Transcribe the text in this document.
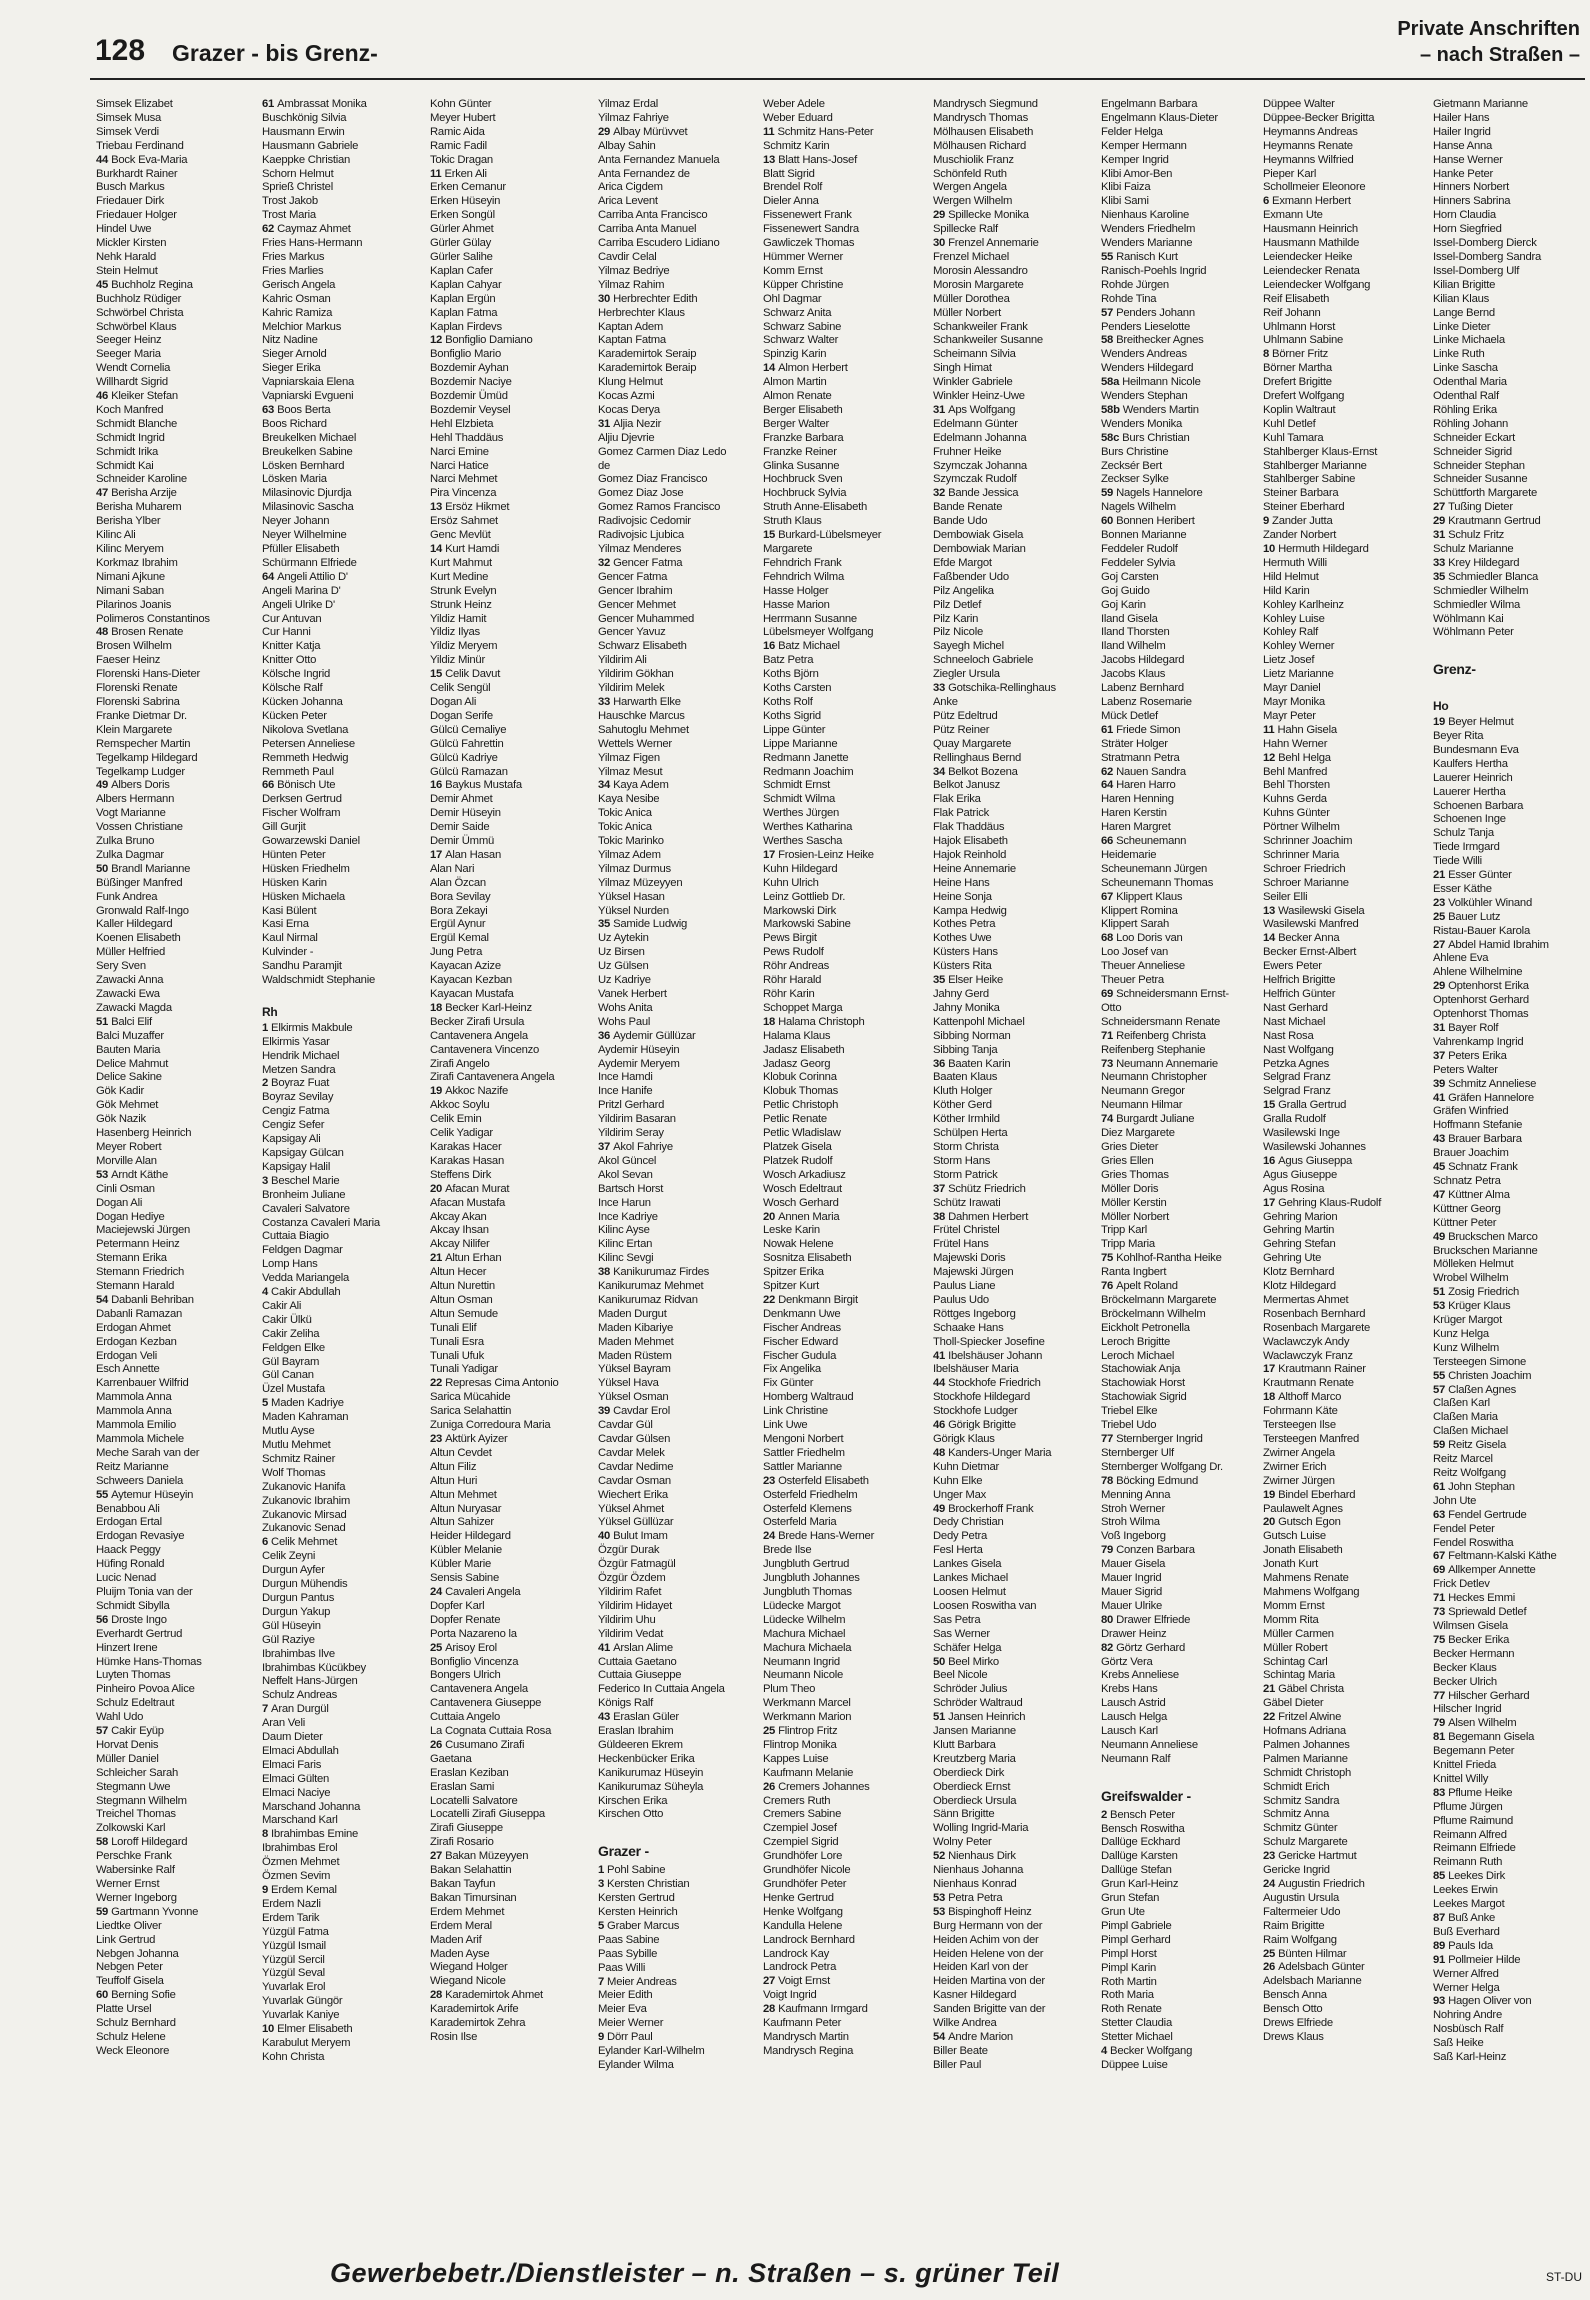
128 Grazer - bis Grenz-
Private Anschriften
– nach Straßen –
Simsek Elizabet
Simsek Musa
Simsek Verdi
Triebau Ferdinand
44 Bock Eva-Maria
Burkhardt Rainer
Busch Markus
Friedauer Dirk
Friedauer Holger
Hindel Uwe
Mickler Kirsten
Nehk Harald
Stein Helmut
45 Buchholz Regina
Buchholz Rüdiger
Schwörbel Christa
Schwörbel Klaus
Seeger Heinz
Seeger Maria
Wendt Cornelia
Willhardt Sigrid
46 Kleiker Stefan
Koch Manfred
Schmidt Blanche
Schmidt Ingrid
Schmidt Irika
Schmidt Kai
Schneider Karoline
47 Berisha Arzije
Berisha Muharem
Berisha Ylber
Kilinc Ali
Kilinc Meryem
Korkmaz Ibrahim
Nimani Ajkune
Nimani Saban
Pilarinos Joanis
Polimeros Constantinos
48 Brosen Renate
Brosen Wilhelm
Faeser Heinz
Florenski Hans-Dieter
Florenski Renate
Florenski Sabrina
Franke Dietmar Dr.
Klein Margarete
Remspecher Martin
Tegelkamp Hildegard
Tegelkamp Ludger
49 Albers Doris
Albers Hermann
Vogt Marianne
Vossen Christiane
Zulka Bruno
Zulka Dagmar
50 Brandl Marianne
Büßinger Manfred
Funk Andrea
Gronwald Ralf-Ingo
Kaller Hildegard
Koenen Elisabeth
Müller Helfried
Sery Sven
Zawacki Anna
Zawacki Ewa
Zawacki Magda
51 Balci Elif
Balci Muzaffer
Bauten Maria
Delice Mahmut
Delice Sakine
Gök Kadir
Gök Mehmet
Gök Nazik
Hasenberg Heinrich
Meyer Robert
Morville Alan
53 Arndt Käthe
Cinli Osman
Dogan Ali
Dogan Hediye
Maciejewski Jürgen
Petermann Heinz
Stemann Erika
Stemann Friedrich
Stemann Harald
54 Dabanli Behriban
Dabanli Ramazan
Erdogan Ahmet
Erdogan Kezban
Erdogan Veli
Esch Annette
Karrenbauer Wilfrid
Mammola Anna
Mammola Anna
Mammola Emilio
Mammola Michele
Meche Sarah van der
Reitz Marianne
Schweers Daniela
55 Aytemur Hüseyin
Benabbou Ali
Erdogan Ertal
Erdogan Revasiye
Haack Peggy
Hüfing Ronald
Lucic Nenad
Pluijm Tonia van der
Schmidt Sibylla
56 Droste Ingo
Everhardt Gertrud
Hinzert Irene
Hümke Hans-Thomas
Luyten Thomas
Pinheiro Povoa Alice
Schulz Edeltraut
Wahl Udo
57 Cakir Eyüp
Horvat Denis
Müller Daniel
Schleicher Sarah
Stegmann Uwe
Stegmann Wilhelm
Treichel Thomas
Zolkowski Karl
58 Loroff Hildegard
Perschke Frank
Wabersinke Ralf
Werner Ernst
Werner Ingeborg
59 Gartmann Yvonne
Liedtke Oliver
Link Gertrud
Nebgen Johanna
Nebgen Peter
Teuffolf Gisela
60 Berning Sofie
Platte Ursel
Schulz Bernhard
Schulz Helene
Weck Eleonore
61 Ambrassat Monika
Buschkönig Silvia
Hausmann Erwin
Hausmann Gabriele
Kaeppke Christian
Schorn Helmut
Sprieß Christel
Trost Jakob
Trost Maria
62 Caymaz Ahmet
Fries Hans-Hermann
Fries Markus
Fries Marlies
Gerisch Angela
Kahric Osman
Kahric Ramiza
Melchior Markus
Nitz Nadine
Sieger Arnold
Sieger Erika
Vapniarskaia Elena
Vapniarski Evgueni
63 Boos Berta
Boos Richard
Breukelken Michael
Breukelken Sabine
Lösken Bernhard
Lösken Maria
Milasinovic Djurdja
Milasinovic Sascha
Neyer Johann
Neyer Wilhelmine
Pfüller Elisabeth
Schürmann Elfriede
64 Angeli Attilio D'
Angeli Marina D'
Angeli Ulrike D'
Cur Antuvan
Cur Hanni
Knitter Katja
Knitter Otto
Kölsche Ingrid
Kölsche Ralf
Kücken Johanna
Kücken Peter
Nikolova Svetlana
Petersen Anneliese
Remmeth Hedwig
Remmeth Paul
66 Bönisch Ute
Derksen Gertrud
Fischer Wolfram
Gill Gurjit
Gowarzewski Daniel
Hünten Peter
Hüsken Friedhelm
Hüsken Karin
Hüsken Michaela
Kasi Bülent
Kasi Erna
Kaul Nirmal
Kulvinder -
Sandhu Paramjit
Waldschmidt Stephanie

Rh
1 Elkirmis Makbule
Elkirmis Yasar
Hendrik Michael
Metzen Sandra
2 Boyraz Fuat
Boyraz Sevilay
Cengiz Fatma
Cengiz Sefer
Kapsigay Ali
Kapsigay Gülcan
Kapsigay Halil
3 Beschel Marie
Bronheim Juliane
Cavaleri Salvatore
Costanza Cavaleri Maria
Cuttaia Biagio
Feldgen Dagmar
Lomp Hans
Vedda Mariangela
4 Cakir Abdullah
Cakir Ali
Cakir Ülkü
Cakir Zeliha
Feldgen Elke
Gül Bayram
Gül Canan
Üzel Mustafa
5 Maden Kadriye
Maden Kahraman
Mutlu Ayse
Mutlu Mehmet
Schmitz Rainer
Wolf Thomas
Zukanovic Hanifa
Zukanovic Ibrahim
Zukanovic Mirsad
Zukanovic Senad
6 Celik Mehmet
Celik Zeyni
Durgun Ayfer
Durgun Mühendis
Durgun Pantus
Durgun Yakup
Gül Hüseyin
Gül Raziye
Ibrahimbas Ilve
Ibrahimbas Kücükbey
Neffelt Hans-Jürgen
Schulz Andreas
7 Aran Durgül
Aran Veli
Daum Dieter
Elmaci Abdullah
Elmaci Faris
Elmaci Gülten
Elmaci Naciye
Marschand Johanna
Marschand Karl
8 Ibrahimbas Emine
Ibrahimbas Erol
Özmen Mehmet
Özmen Sevim
9 Erdem Kemal
Erdem Nazli
Erdem Tarik
Yüzgül Fatma
Yüzgül Ismail
Yüzgül Sercil
Yüzgül Seval
Yuvarlak Erol
Yuvarlak Güngör
Yuvarlak Kaniye
10 Elmer Elisabeth
Karabulut Meryem
Kohn Christa
Kohn Günter
Meyer Hubert
Ramic Aida
Ramic Fadil
Tokic Dragan
11 Erken Ali
Erken Cemanur
Erken Hüseyin
Erken Songül
Gürler Ahmet
Gürler Gülay
Gürler Salihe
Kaplan Cafer
Kaplan Cahyar
Kaplan Ergün
Kaplan Fatma
Kaplan Firdevs
12 Bonfiglio Damiano
Bonfiglio Mario
Bozdemir Ayhan
Bozdemir Naciye
Bozdemir Ümüd
Bozdemir Veysel
Hehl Elzbieta
Hehl Thaddäus
Narci Emine
Narci Hatice
Narci Mehmet
Pira Vincenza
13 Ersöz Hikmet
Ersöz Sahmet
Genc Mevlüt
14 Kurt Hamdi
Kurt Mahmut
Kurt Medine
Strunk Evelyn
Strunk Heinz
Yildiz Hamit
Yildiz Ilyas
Yildiz Meryem
Yildiz Minür
15 Celik Davut
Celik Sengül
Dogan Ali
Dogan Serife
Gülcü Cemaliye
Gülcü Fahrettin
Gülcü Kadriye
Gülcü Ramazan
16 Baykus Mustafa
Demir Ahmet
Demir Hüseyin
Demir Saide
Demir Ümmü
17 Alan Hasan
Alan Nari
Alan Özcan
Bora Sevilay
Bora Zekayi
Ergül Aynur
Ergül Kemal
Jung Petra
Kayacan Azize
Kayacan Kezban
Kayacan Mustafa
18 Becker Karl-Heinz
Becker Zirafi Ursula
Cantavenera Angela
Cantavenera Vincenzo
Zirafi Angelo
Zirafi Cantavenera Angela
19 Akkoc Nazife
Akkoc Soylu
Celik Emin
Celik Yadigar
Karakas Hacer
Karakas Hasan
Steffens Dirk
20 Afacan Murat
Afacan Mustafa
Akcay Akan
Akcay Ihsan
Akcay Nilifer
21 Altun Erhan
Altun Hecer
Altun Nurettin
Altun Osman
Altun Semude
Tunali Elif
Tunali Esra
Tunali Ufuk
Tunali Yadigar
22 Represas Cima Antonio
Sarica Mücahide
Sarica Selahattin
Zuniga Corredoura Maria
23 Aktürk Ayizer
Altun Cevdet
Altun Filiz
Altun Huri
Altun Mehmet
Altun Nuryasar
Altun Sahizer
Heider Hildegard
Kübler Melanie
Kübler Marie
Sensis Sabine
24 Cavaleri Angela
Dopfer Karl
Dopfer Renate
Porta Nazareno la
25 Arisoy Erol
Bonfiglio Vincenza
Bongers Ulrich
Cantavenera Angela
Cantavenera Giuseppe
Cuttaia Angelo
La Cognata Cuttaia Rosa
26 Cusumano Zirafi
Gaetana
Eraslan Keziban
Eraslan Sami
Locatelli Salvatore
Locatelli Zirafi Giuseppa
Zirafi Giuseppe
Zirafi Rosario
27 Bakan Müzeyyen
Bakan Selahattin
Bakan Tayfun
Bakan Timursinan
Erdem Mehmet
Erdem Meral
Maden Arif
Maden Ayse
Wiegand Holger
Wiegand Nicole
28 Karademirtok Ahmet
Karademirtok Arife
Karademirtok Zehra
Rosin Ilse
Yilmaz Erdal
Yilmaz Fahriye
29 Albay Mürüvvet
Albay Sahin
Anta Fernandez Manuela
Anta Fernandez de
Arica Cigdem
Arica Levent
Carriba Anta Francisco
Carriba Anta Manuel
Carriba Escudero Lidiano
Cavdir Celal
Yilmaz Bedriye
Yilmaz Rahim
30 Herbrechter Edith
Herbrechter Klaus
Kaptan Adem
Kaptan Fatma
Karademirtok Seraip
Karademirtok Beraip
Klung Helmut
Kocas Azmi
Kocas Derya
31 Aljia Nezir
Aljiu Djevrie
Gomez Carmen Diaz Ledo
de
Gomez Diaz Francisco
Gomez Diaz Jose
Gomez Ramos Francisco
Radivojsic Cedomir
Radivojsic Ljubica
Yilmaz Menderes
32 Gencer Fatma
Gencer Fatma
Gencer Ibrahim
Gencer Mehmet
Gencer Muhammed
Gencer Yavuz
Schwarz Elisabeth
Yildirim Ali
Yildirim Gökhan
Yildirim Melek
33 Harwarth Elke
Hauschke Marcus
Sahutoglu Mehmet
Wettels Werner
Yilmaz Figen
Yilmaz Mesut
34 Kaya Adem
Kaya Nesibe
Tokic Anica
Tokic Anica
Tokic Marinko
Yilmaz Adem
Yilmaz Durmus
Yilmaz Müzeyyen
Yüksel Hasan
Yüksel Nurden
35 Samide Ludwig
Uz Aytekin
Uz Birsen
Uz Gülsen
Uz Kadriye
Vanek Herbert
Wohs Anita
Wohs Paul
36 Aydemir Güllüzar
Aydemir Hüseyin
Aydemir Meryem
Ince Hamdi
Ince Hanife
Pritzl Gerhard
Yildirim Basaran
Yildirim Seray
37 Akol Fahriye
Akol Güncel
Akol Sevan
Bartsch Horst
Ince Harun
Ince Kadriye
Kilinc Ayse
Kilinc Ertan
Kilinc Sevgi
38 Kanikurumaz Firdes
Kanikurumaz Mehmet
Kanikurumaz Ridvan
Maden Durgut
Maden Kibariye
Maden Mehmet
Maden Rüstem
Yüksel Bayram
Yüksel Hava
Yüksel Osman
39 Cavdar Erol
Cavdar Gül
Cavdar Gülsen
Cavdar Melek
Cavdar Nedime
Cavdar Osman
Wiechert Erika
Yüksel Ahmet
Yüksel Güllüzar
40 Bulut Imam
Özgür Durak
Özgür Fatmagül
Özgür Özdem
Yildirim Rafet
Yildirim Hidayet
Yildirim Uhu
Yildirim Vedat
41 Arslan Alime
Cuttaia Gaetano
Cuttaia Giuseppe
Federico In Cuttaia Angela
Königs Ralf
43 Eraslan Güler
Eraslan Ibrahim
Güldeeren Ekrem
Heckenbücker Erika
Kanikurumaz Hüseyin
Kanikurumaz Süheyla
Kirschen Erika
Kirschen Otto

Grazer -
1 Pohl Sabine
3 Kersten Christian
Kersten Gertrud
Kersten Heinrich
5 Graber Marcus
Paas Sabine
Paas Sybille
Paas Willi
7 Meier Andreas
Meier Edith
Meier Eva
Meier Werner
9 Dörr Paul
Eylander Karl-Wilhelm
Eylander Wilma
Weber Adele
Weber Eduard
11 Schmitz Hans-Peter
Schmitz Karin
13 Blatt Hans-Josef
Blatt Sigrid
Brendel Rolf
Dieler Anna
Fissenewert Frank
Fissenewert Sandra
Gawliczek Thomas
Hümmer Werner
Komm Ernst
Küpper Christine
Ohl Dagmar
Schwarz Anita
Schwarz Sabine
Schwarz Walter
Spinzig Karin
14 Almon Herbert
Almon Martin
Almon Renate
Berger Elisabeth
Berger Walter
Franzke Barbara
Franzke Reiner
Glinka Susanne
Hochbruck Sven
Hochbruck Sylvia
Struth Anne-Elisabeth
Struth Klaus
15 Burkard-Lübelsmeyer
Margarete
Fehndrich Frank
Fehndrich Wilma
Hasse Holger
Hasse Marion
Herrmann Susanne
Lübelsmeyer Wolfgang
16 Batz Michael
Batz Petra
Koths Björn
Koths Carsten
Koths Rolf
Koths Sigrid
Lippe Günter
Lippe Marianne
Redmann Janette
Redmann Joachim
Schmidt Ernst
Schmidt Wilma
Werthes Jürgen
Werthes Katharina
Werthes Sascha
17 Frosien-Leinz Heike
Kuhn Hildegard
Kuhn Ulrich
Leinz Gottlieb Dr.
Markowski Dirk
Markowski Sabine
Pews Birgit
Pews Rudolf
Röhr Andreas
Röhr Harald
Röhr Karin
Schoppet Marga
18 Halama Christoph
Halama Klaus
Jadasz Elisabeth
Jadasz Georg
Klobuk Corinna
Klobuk Thomas
Petlic Christoph
Petlic Renate
Petlic Wladislaw
Platzek Gisela
Platzek Rudolf
Wosch Arkadiusz
Wosch Edeltraut
Wosch Gerhard
20 Annen Maria
Leske Karin
Nowak Helene
Sosnitza Elisabeth
Spitzer Erika
Spitzer Kurt
22 Denkmann Birgit
Denkmann Uwe
Fischer Andreas
Fischer Edward
Fischer Gudula
Fix Angelika
Fix Günter
Homberg Waltraud
Link Christine
Link Uwe
Mengoni Norbert
Sattler Friedhelm
Sattler Marianne
23 Osterfeld Elisabeth
Osterfeld Friedhelm
Osterfeld Klemens
Osterfeld Maria
24 Brede Hans-Werner
Brede Ilse
Jungbluth Gertrud
Jungbluth Johannes
Jungbluth Thomas
Lüdecke Margot
Lüdecke Wilhelm
Machura Michael
Machura Michaela
Neumann Ingrid
Neumann Nicole
Plum Theo
Werkmann Marcel
Werkmann Marion
25 Flintrop Fritz
Flintrop Monika
Kappes Luise
Kaufmann Melanie
26 Cremers Johannes
Cremers Ruth
Cremers Sabine
Czempiel Josef
Czempiel Sigrid
Grundhöfer Lore
Grundhöfer Nicole
Grundhöfer Peter
Henke Gertrud
Henke Wolfgang
Kandulla Helene
Landrock Bernhard
Landrock Kay
Landrock Petra
27 Voigt Ernst
Voigt Ingrid
28 Kaufmann Irmgard
Kaufmann Peter
Mandrysch Martin
Mandrysch Regina
Mandrysch Siegmund
Mandrysch Thomas
Mölhausen Elisabeth
Mölhausen Richard
Muschiolik Franz
Schönfeld Ruth
Wergen Angela
Wergen Wilhelm
29 Spillecke Monika
Spillecke Ralf
30 Frenzel Annemarie
Frenzel Michael
Morosin Alessandro
Morosin Margarete
Müller Dorothea
Müller Norbert
Schankweiler Frank
Schankweiler Susanne
Scheimann Silvia
Singh Himat
Winkler Gabriele
Winkler Heinz-Uwe
31 Aps Wolfgang
Edelmann Günter
Edelmann Johanna
Fruhner Heike
Szymczak Johanna
Szymczak Rudolf
32 Bande Jessica
Bande Renate
Bande Udo
Dembowiak Gisela
Dembowiak Marian
Efde Margot
Faßbender Udo
Pilz Angelika
Pilz Detlef
Pilz Karin
Pilz Nicole
Sayegh Michel
Schneeloch Gabriele
Ziegler Ursula
33 Gotschika-Rellinghaus
Anke
Pütz Edeltrud
Pütz Reiner
Quay Margarete
Rellinghaus Bernd
34 Belkot Bozena
Belkot Janusz
Flak Erika
Flak Patrick
Flak Thaddäus
Hajok Elisabeth
Hajok Reinhold
Heine Annemarie
Heine Hans
Heine Sonja
Kampa Hedwig
Kothes Petra
Kothes Uwe
Küsters Hans
Küsters Rita
35 Elser Heike
Jahny Gerd
Jahny Monika
Kattenpohl Michael
Sibbing Norman
Sibbing Tanja
36 Baaten Karin
Baaten Klaus
Kluth Holger
Köther Gerd
Köther Irmhild
Schülpen Herta
Storm Christa
Storm Hans
Storm Patrick
37 Schütz Friedrich
Schütz Irawati
38 Dahmen Herbert
Frütel Christel
Frütel Hans
Majewski Doris
Majewski Jürgen
Paulus Liane
Paulus Udo
Röttges Ingeborg
Schaake Hans
Tholl-Spiecker Josefine
41 Ibelshäuser Johann
Ibelshäuser Maria
44 Stockhofe Friedrich
Stockhofe Hildegard
Stockhofe Ludger
46 Görigk Brigitte
Görigk Klaus
48 Kanders-Unger Maria
Kuhn Dietmar
Kuhn Elke
Unger Max
49 Brockerhoff Frank
Dedy Christian
Dedy Petra
Fesl Herta
Lankes Gisela
Lankes Michael
Loosen Helmut
Loosen Roswitha van
Sas Petra
Sas Werner
Schäfer Helga
50 Beel Mirko
Beel Nicole
Schröder Julius
Schröder Waltraud
51 Jansen Heinrich
Jansen Marianne
Klutt Barbara
Kreutzberg Maria
Oberdieck Dirk
Oberdieck Ernst
Oberdieck Ursula
Sänn Brigitte
Wolling Ingrid-Maria
Wolny Peter
52 Nienhaus Dirk
Nienhaus Johanna
Nienhaus Konrad
53 Petra Petra
53 Bispinghoff Heinz
Burg Hermann von der
Heiden Achim von der
Heiden Helene von der
Heiden Karl von der
Heiden Martina von der
Kasner Hildegard
Sanden Brigitte van der
Wilke Andrea
54 Andre Marion
Biller Beate
Biller Paul
Engelmann Barbara
Engelmann Klaus-Dieter
Felder Helga
Kemper Hermann
Kemper Ingrid
Klibi Amor-Ben
Klibi Faiza
Klibi Sami
Nienhaus Karoline
Wenders Friedhelm
Wenders Marianne
55 Ranisch Kurt
Ranisch-Poehls Ingrid
Rohde Jürgen
Rohde Tina
57 Penders Johann
Penders Lieselotte
58 Breithecker Agnes
Wenders Andreas
Wenders Hildegard
58a Heilmann Nicole
Wenders Stephan
58b Wenders Martin
Wenders Monika
58c Burs Christian
Burs Christine
Zecksér Bert
Zeckser Sylke
59 Nagels Hannelore
Nagels Wilhelm
60 Bonnen Heribert
Bonnen Marianne
Feddeler Rudolf
Feddeler Sylvia
Goj Carsten
Goj Guido
Goj Karin
Iland Gisela
Iland Thorsten
Iland Wilhelm
Jacobs Hildegard
Jacobs Klaus
Labenz Bernhard
Labenz Rosemarie
Mück Detlef
61 Friede Simon
Sträter Holger
Stratmann Petra
62 Nauen Sandra
64 Haren Harro
Haren Henning
Haren Kerstin
Haren Margret
66 Scheunemann
Heidemarie
Scheunemann Jürgen
Scheunemann Thomas
67 Klippert Klaus
Klippert Romina
Klippert Sarah
68 Loo Doris van
Loo Josef van
Theuer Anneliese
Theuer Petra
69 Schneidersmann Ernst-
Otto
Schneidersmann Renate
71 Reifenberg Christa
Reifenberg Stephanie
73 Neumann Annemarie
Neumann Christopher
Neumann Gregor
Neumann Hilmar
74 Burgardt Juliane
Diez Margarete
Gries Dieter
Gries Ellen
Gries Thomas
Möller Doris
Möller Kerstin
Möller Norbert
Tripp Karl
Tripp Maria
75 Kohlhof-Rantha Heike
Ranta Ingbert
76 Apelt Roland
Bröckelmann Margarete
Bröckelmann Wilhelm
Eickholt Petronella
Leroch Brigitte
Leroch Michael
Stachowiak Anja
Stachowiak Horst
Stachowiak Sigrid
Triebel Elke
Triebel Udo
77 Sternberger Ingrid
Sternberger Ulf
Sternberger Wolfgang Dr.
78 Böcking Edmund
Menning Anna
Stroh Werner
Stroh Wilma
Voß Ingeborg
79 Conzen Barbara
Mauer Gisela
Mauer Ingrid
Mauer Sigrid
Mauer Ulrike
80 Drawer Elfriede
Drawer Heinz
82 Görtz Gerhard
Görtz Vera
Krebs Anneliese
Krebs Hans
Lausch Astrid
Lausch Helga
Lausch Karl
Neumann Anneliese
Neumann Ralf

Greifswalder -
2 Bensch Peter
Bensch Roswitha
Dallüge Eckhard
Dallüge Karsten
Dallüge Stefan
Grun Karl-Heinz
Grun Stefan
Grun Ute
Pimpl Gabriele
Pimpl Gerhard
Pimpl Horst
Pimpl Karin
Roth Martin
Roth Maria
Roth Renate
Stetter Claudia
Stetter Michael
4 Becker Wolfgang
Düppee Luise
Düppee Walter
Düppee-Becker Brigitta
Heymanns Andreas
Heymanns Renate
Heymanns Wilfried
Pieper Karl
Schollmeier Eleonore
6 Exmann Herbert
Exmann Ute
Hausmann Heinrich
Hausmann Mathilde
Leiendecker Heike
Leiendecker Renata
Leiendecker Wolfgang
Reif Elisabeth
Reif Johann
Uhlmann Horst
Uhlmann Sabine
8 Börner Fritz
Börner Martha
Drefert Brigitte
Drefert Wolfgang
Koplin Waltraut
Kuhl Detlef
Kuhl Tamara
Stahlberger Klaus-Ernst
Stahlberger Marianne
Stahlberger Sabine
Steiner Barbara
Steiner Eberhard
9 Zander Jutta
Zander Norbert
10 Hermuth Hildegard
Hermuth Willi
Hild Helmut
Hild Karin
Kohley Karlheinz
Kohley Luise
Kohley Ralf
Kohley Werner
Lietz Josef
Lietz Marianne
Mayr Daniel
Mayr Monika
Mayr Peter
11 Hahn Gisela
Hahn Werner
12 Behl Helga
Behl Manfred
Behl Thorsten
Kuhns Gerda
Kuhns Günter
Pörtner Wilhelm
Schrinner Joachim
Schrinner Maria
Schroer Friedrich
Schroer Marianne
Seiler Elli
13 Wasilewski Gisela
Wasilewski Manfred
14 Becker Anna
Becker Ernst-Albert
Ewers Peter
Helfrich Brigitte
Helfrich Günter
Nast Gerhard
Nast Michael
Nast Rosa
Nast Wolfgang
Petzka Agnes
Selgrad Franz
Selgrad Franz
15 Gralla Gertrud
Gralla Rudolf
Wasilewski Inge
Wasilewski Johannes
16 Agus Giuseppa
Agus Giuseppe
Agus Rosina
17 Gehring Klaus-Rudolf
Gehring Marion
Gehring Martin
Gehring Stefan
Gehring Ute
Klotz Bernhard
Klotz Hildegard
Mermertas Ahmet
Rosenbach Bernhard
Rosenbach Margarete
Waclawczyk Andy
Waclawczyk Franz
17 Krautmann Rainer
Krautmann Renate
18 Althoff Marco
Fohrmann Käte
Tersteegen Ilse
Tersteegen Manfred
Zwirner Angela
Zwirner Erich
Zwirner Jürgen
19 Bindel Eberhard
Paulawelt Agnes
20 Gutsch Egon
Gutsch Luise
Jonath Elisabeth
Jonath Kurt
Mahmens Renate
Mahmens Wolfgang
Momm Ernst
Momm Rita
Müller Carmen
Müller Robert
Schintag Carl
Schintag Maria
21 Gäbel Christa
Gäbel Dieter
22 Fritzel Alwine
Hofmans Adriana
Palmen Johannes
Palmen Marianne
Schmidt Christoph
Schmidt Erich
Schmitz Sandra
Schmitz Anna
Schmitz Günter
Schulz Margarete
23 Gericke Hartmut
Gericke Ingrid
24 Augustin Friedrich
Augustin Ursula
Faltermeier Udo
Raim Brigitte
Raim Wolfgang
25 Bünten Hilmar
26 Adelsbach Günter
Adelsbach Marianne
Bensch Anna
Bensch Otto
Drews Elfriede
Drews Klaus
Gietmann Marianne
Hailer Hans
Hailer Ingrid
Hanse Anna
Hanse Werner
Hanke Peter
Hinners Norbert
Hinners Sabrina
Horn Claudia
Horn Siegfried
Issel-Domberg Dierck
Issel-Domberg Sandra
Issel-Domberg Ulf
Kilian Brigitte
Kilian Klaus
Lange Bernd
Linke Dieter
Linke Michaela
Linke Ruth
Linke Sascha
Odenthal Maria
Odenthal Ralf
Röhling Erika
Röhling Johann
Schneider Eckart
Schneider Sigrid
Schneider Stephan
Schneider Susanne
Schüttforth Margarete
27 Tußing Dieter
29 Krautmann Gertrud
31 Schulz Fritz
Schulz Marianne
33 Krey Hildegard
35 Schmiedler Blanca
Schmiedler Wilhelm
Schmiedler Wilma
Wöhlmann Kai
Wöhlmann Peter

Grenz-

Ho
19 Beyer Helmut
Beyer Rita
Bundesmann Eva
Kaulfers Hertha
Lauerer Heinrich
Lauerer Hertha
Schoenen Barbara
Schoenen Inge
Schulz Tanja
Tiede Irmgard
Tiede Willi
21 Esser Günter
Esser Käthe
23 Volkühler Winand
25 Bauer Lutz
Ristau-Bauer Karola
27 Abdel Hamid Ibrahim
Ahlene Eva
Ahlene Wilhelmine
29 Optenhorst Erika
Optenhorst Gerhard
Optenhorst Thomas
31 Bayer Rolf
Vahrenkamp Ingrid
37 Peters Erika
Peters Walter
39 Schmitz Anneliese
41 Gräfen Hannelore
Gräfen Winfried
Hoffmann Stefanie
43 Brauer Barbara
Brauer Joachim
45 Schnatz Frank
Schnatz Petra
47 Küttner Alma
Küttner Georg
Küttner Peter
49 Bruckschen Marco
Bruckschen Marianne
Mölleken Helmut
Wrobel Wilhelm
51 Zosig Friedrich
53 Krüger Klaus
Krüger Margot
Kunz Helga
Kunz Wilhelm
Tersteegen Simone
55 Christen Joachim
57 Claßen Agnes
Claßen Karl
Claßen Maria
Claßen Michael
59 Reitz Gisela
Reitz Marcel
Reitz Wolfgang
61 John Stephan
John Ute
63 Fendel Gertrude
Fendel Peter
Fendel Roswitha
67 Feltmann-Kalski Käthe
69 Allkemper Annette
Frick Detlev
71 Heckes Emmi
73 Spriewald Detlef
Wilmsen Gisela
75 Becker Erika
Becker Hermann
Becker Klaus
Becker Ulrich
77 Hilscher Gerhard
Hilscher Ingrid
79 Alsen Wilhelm
81 Begemann Gisela
Begemann Peter
Knittel Frieda
Knittel Willy
83 Pflume Heike
Pflume Jürgen
Pflume Raimund
Reimann Alfred
Reimann Elfriede
Reimann Ruth
85 Leekes Dirk
Leekes Erwin
Leekes Margot
87 Buß Anke
Buß Everhard
89 Pauls Ida
91 Pollmeier Hilde
Werner Alfred
Werner Helga
93 Hagen Oliver von
Nohring Andre
Nosbüsch Ralf
Saß Heike
Saß Karl-Heinz
Gewerbebetr./Dienstleister – n. Straßen – s. grüner Teil	ST-DU
